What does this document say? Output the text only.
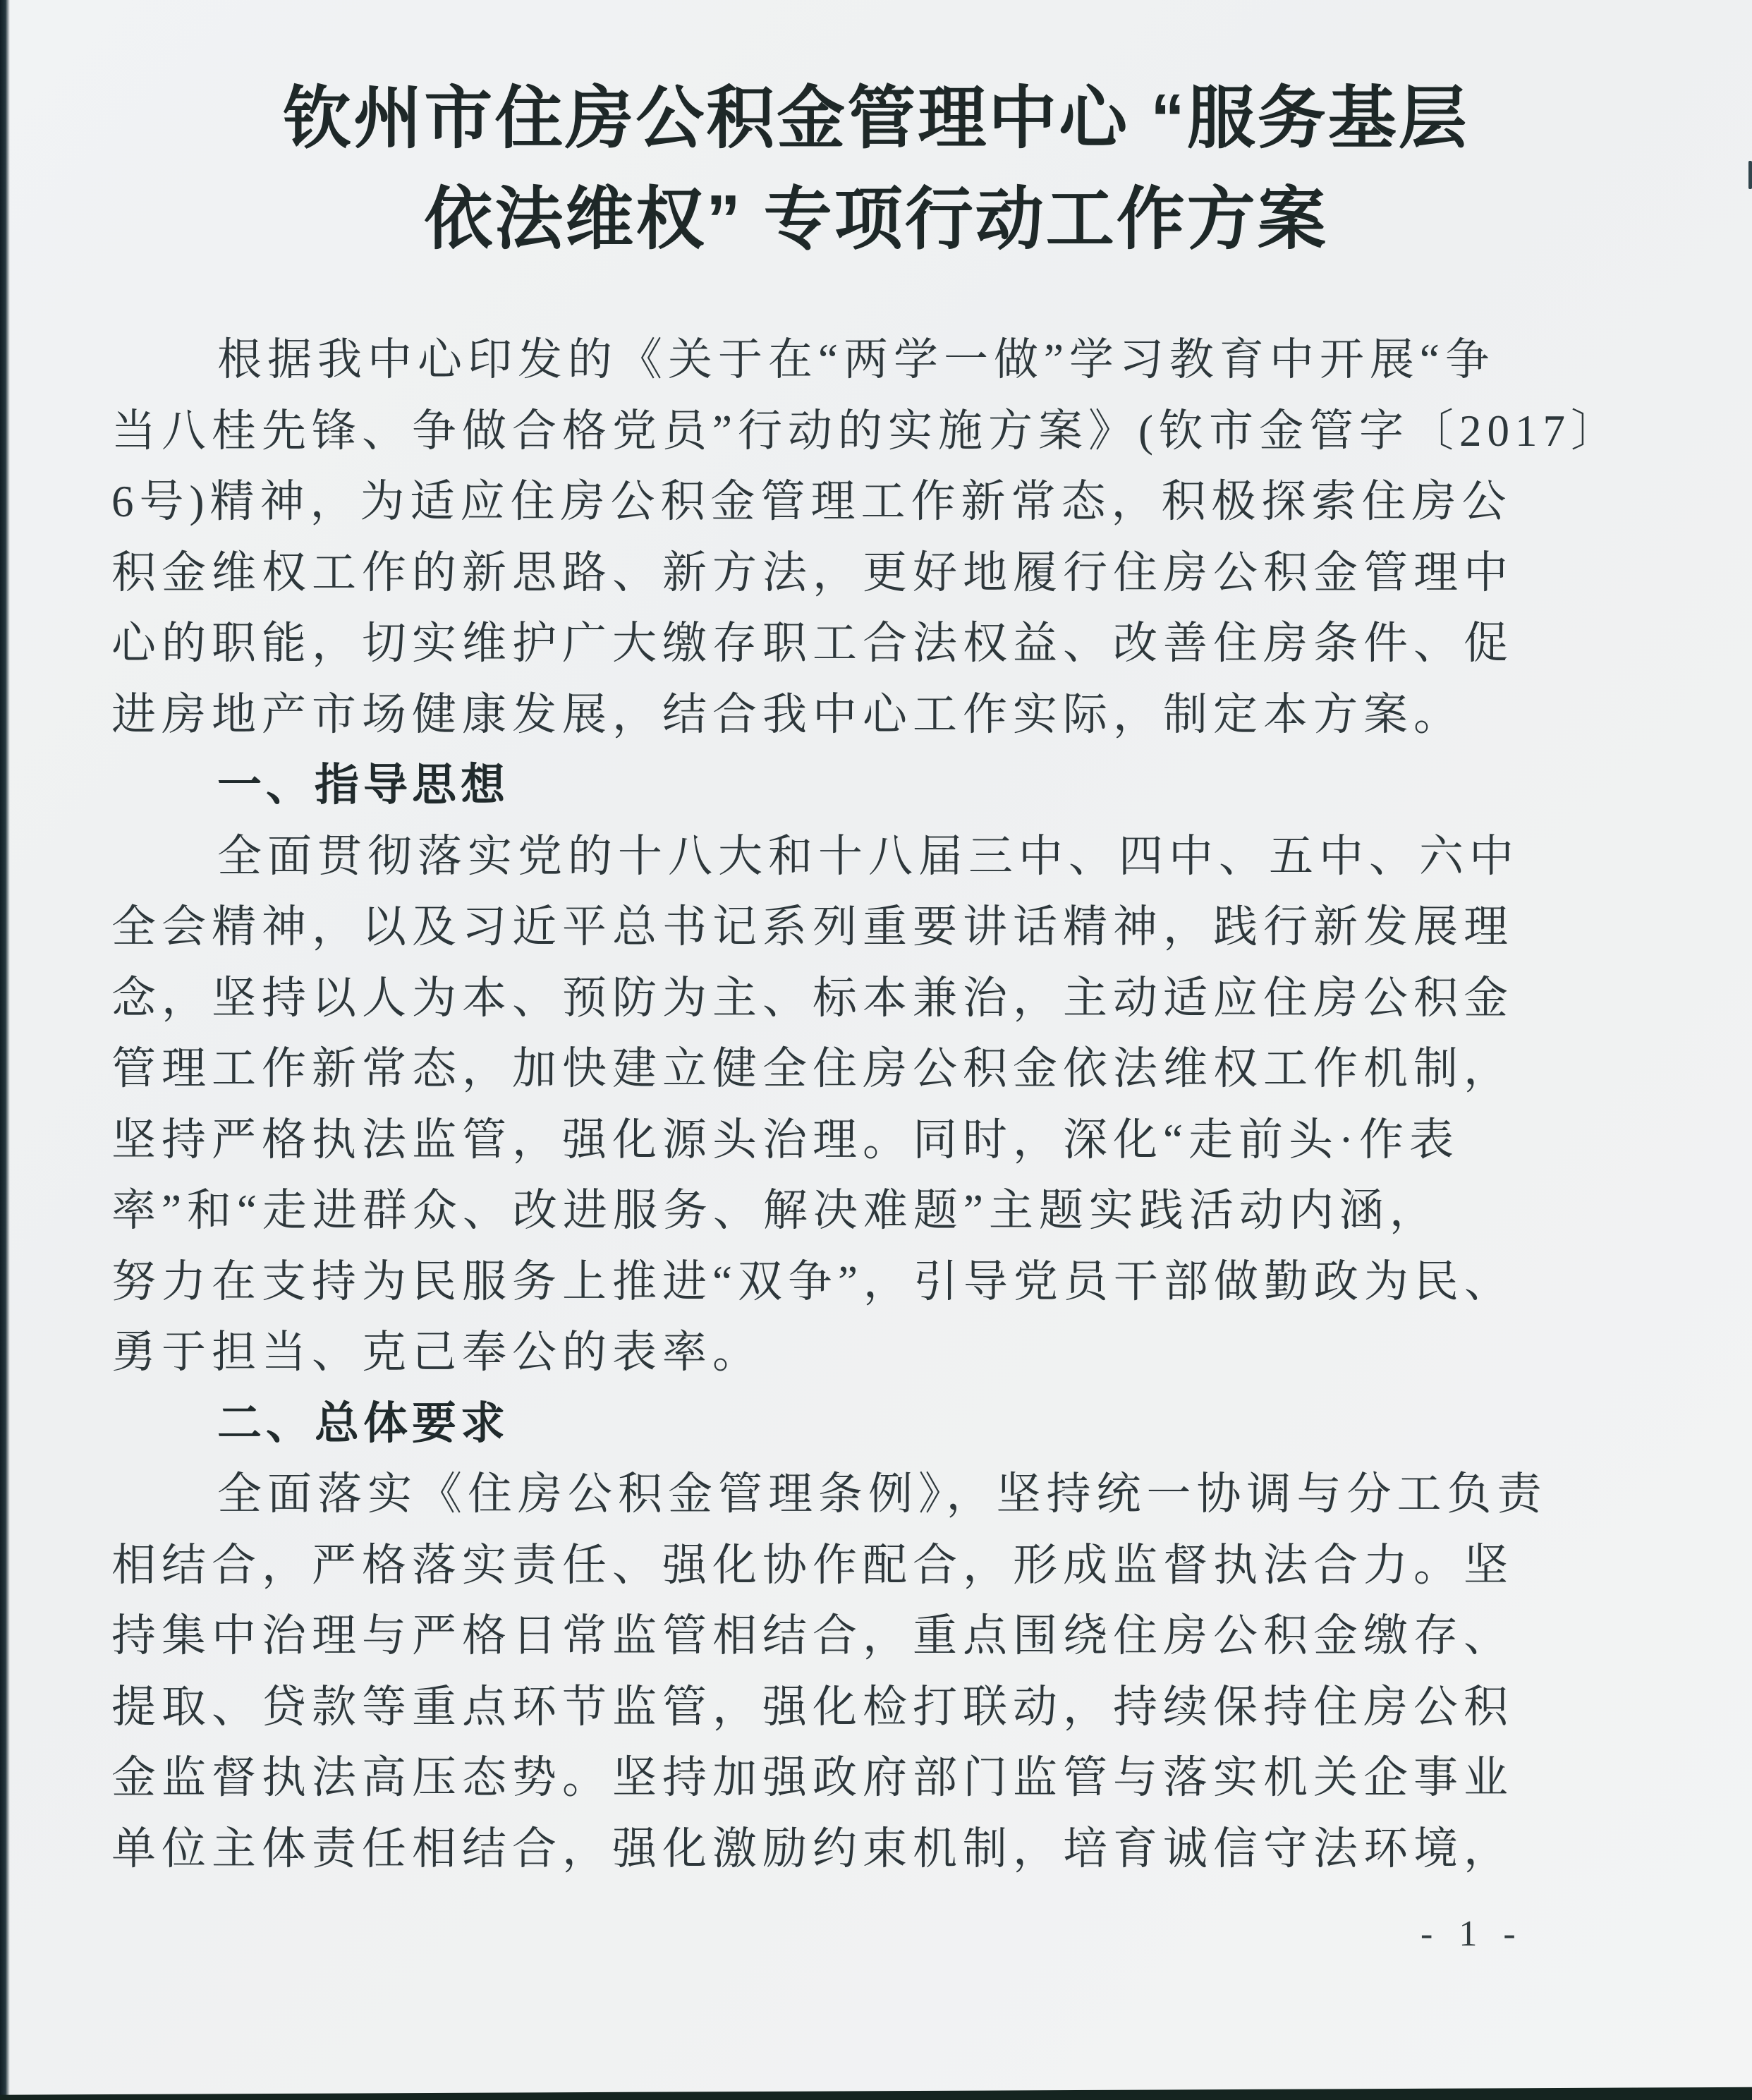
钦州市住房公积金管理中心 “服务基层
依法维权” 专项行动工作方案
根据我中心印发的《关于在“两学一做”学习教育中开展“争
当八桂先锋、争做合格党员”行动的实施方案》(钦市金管字〔2017〕
6号)精神，为适应住房公积金管理工作新常态，积极探索住房公
积金维权工作的新思路、新方法，更好地履行住房公积金管理中
心的职能，切实维护广大缴存职工合法权益、改善住房条件、促
进房地产市场健康发展，结合我中心工作实际，制定本方案。
一、指导思想
全面贯彻落实党的十八大和十八届三中、四中、五中、六中
全会精神，以及习近平总书记系列重要讲话精神，践行新发展理
念，坚持以人为本、预防为主、标本兼治，主动适应住房公积金
管理工作新常态，加快建立健全住房公积金依法维权工作机制，
坚持严格执法监管，强化源头治理。同时，深化“走前头·作表
率”和“走进群众、改进服务、解决难题”主题实践活动内涵，
努力在支持为民服务上推进“双争”，引导党员干部做勤政为民、
勇于担当、克己奉公的表率。
二、总体要求
全面落实《住房公积金管理条例》，坚持统一协调与分工负责
相结合，严格落实责任、强化协作配合，形成监督执法合力。坚
持集中治理与严格日常监管相结合，重点围绕住房公积金缴存、
提取、贷款等重点环节监管，强化检打联动，持续保持住房公积
金监督执法高压态势。坚持加强政府部门监管与落实机关企事业
单位主体责任相结合，强化激励约束机制，培育诚信守法环境，
- 1 -
